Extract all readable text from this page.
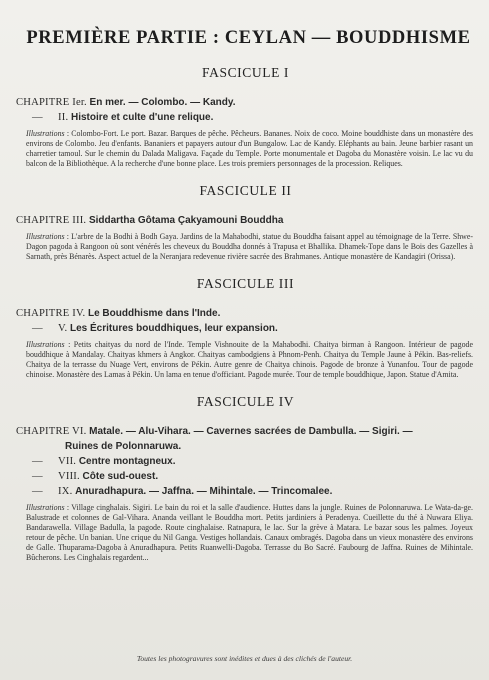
PREMIÈRE PARTIE : CEYLAN — BOUDDHISME
FASCICULE I
CHAPITRE Ier. En mer. — Colombo. — Kandy.
— II. Histoire et culte d'une relique.
Illustrations : Colombo-Fort. Le port. Bazar. Barques de pêche. Pêcheurs. Bananes. Noix de coco. Moine bouddhiste dans un monastère des environs de Colombo. Jeu d'enfants. Bananiers et papayers autour d'un Bungalow. Lac de Kandy. Eléphants au bain. Jeune barbier rasant un charretier tamoul. Sur le chemin du Dalada Maligava. Façade du Temple. Porte monumentale et Dagoba du Monastère voisin. Le lac vu du balcon de la Bibliothèque. A la recherche d'une bonne place. Les trois premiers personnages de la procession. Reliques.
FASCICULE II
CHAPITRE III. Siddartha Gôtama Çakyamouni Bouddha
Illustrations : L'arbre de la Bodhi à Bodh Gaya. Jardins de la Mahabodhi, statue du Bouddha faisant appel au témoignage de la Terre. Shwe-Dagon pagoda à Rangoon où sont vénérés les cheveux du Bouddha donnés à Trapusa et Bhallika. Dhamek-Tope dans le Bois des Gazelles à Sarnath, près Bénarès. Aspect actuel de la Neranjara redevenue rivière sacrée des Brahmanes. Antique monastère de Kandagiri (Orissa).
FASCICULE III
CHAPITRE IV. Le Bouddhisme dans l'Inde.
— V. Les Écritures bouddhiques, leur expansion.
Illustrations : Petits chaityas du nord de l'Inde. Temple Vishnouite de la Mahabodhi. Chaitya birman à Rangoon. Intérieur de pagode bouddhique à Mandalay. Chaityas khmers à Angkor. Chaityas cambodgiens à Phnom-Penh. Chaitya du Temple Jaune à Pékin. Bas-reliefs. Chaitya de la terrasse du Nuage Vert, environs de Pékin. Autre genre de Chaitya chinois. Pagode de bronze à Yunanfou. Tour de pagode chinoise. Monastère des Lamas à Pékin. Un lama en tenue d'officiant. Pagode murée. Tour de temple bouddhique, Japon. Statue d'Amita.
FASCICULE IV
CHAPITRE VI. Matale. — Alu-Vihara. — Cavernes sacrées de Dambulla. — Sigiri. —
Ruines de Polonnaruwa.
— VII. Centre montagneux.
— VIII. Côte sud-ouest.
— IX. Anuradhapura. — Jaffna. — Mihintale. — Trincomalee.
Illustrations : Village cinghalais. Sigiri. Le bain du roi et la salle d'audience. Huttes dans la jungle. Ruines de Polonnaruwa. Le Wata-da-ge. Balustrade et colonnes de Gal-Vihara. Ananda veillant le Bouddha mort. Petits jardiniers à Peradenya. Cueillette du thé à Nuwara Eliya. Bandarawella. Village Badulla, la pagode. Route cinghalaise. Ratnapura, le lac. Sur la grève à Matara. Le bazar sous les palmes. Joyeux retour de pêche. Un banian. Une crique du Nil Ganga. Vestiges hollandais. Canaux ombragés. Dagoba dans un vieux monastère des environs de Galle. Thuparama-Dagoba à Anuradhapura. Petits Ruanwelli-Dagoba. Terrasse du Bo Sacré. Faubourg de Jaffna. Ruines de Mihintale. Bûcherons. Les Cinghalais regardent...
Toutes les photogravures sont inédites et dues à des clichés de l'auteur.
